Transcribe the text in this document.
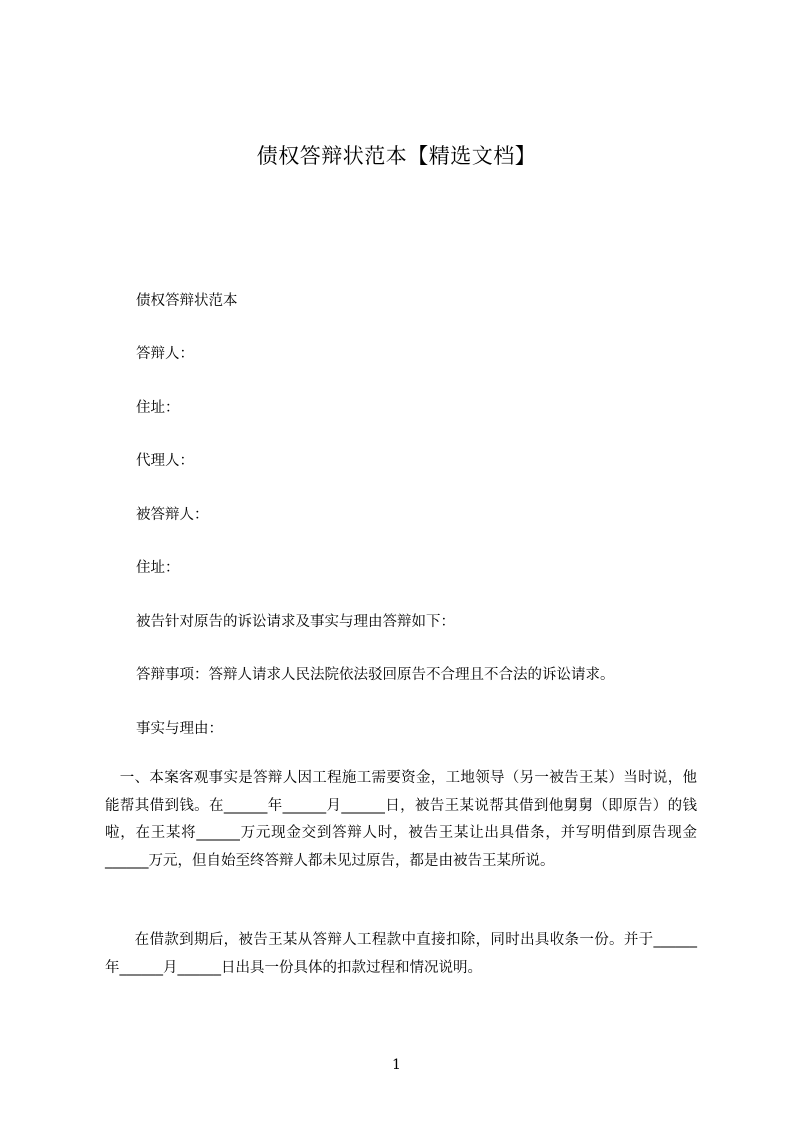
债权答辩状范本【精选文档】
债权答辩状范本
答辩人：
住址：
代理人：
被答辩人：
住址：
被告针对原告的诉讼请求及事实与理由答辩如下：
答辩事项：答辩人请求人民法院依法驳回原告不合理且不合法的诉讼请求。
事实与理由：
　一、本案客观事实是答辩人因工程施工需要资金，工地领导（另一被告王某）当时说，他能帮其借到钱。在______年______月______日，被告王某说帮其借到他舅舅（即原告）的钱啦，在王某将______万元现金交到答辩人时，被告王某让出具借条，并写明借到原告现金______万元，但自始至终答辩人都未见过原告，都是由被告王某所说。
　　在借款到期后，被告王某从答辩人工程款中直接扣除，同时出具收条一份。并于______年______月______日出具一份具体的扣款过程和情况说明。
1
